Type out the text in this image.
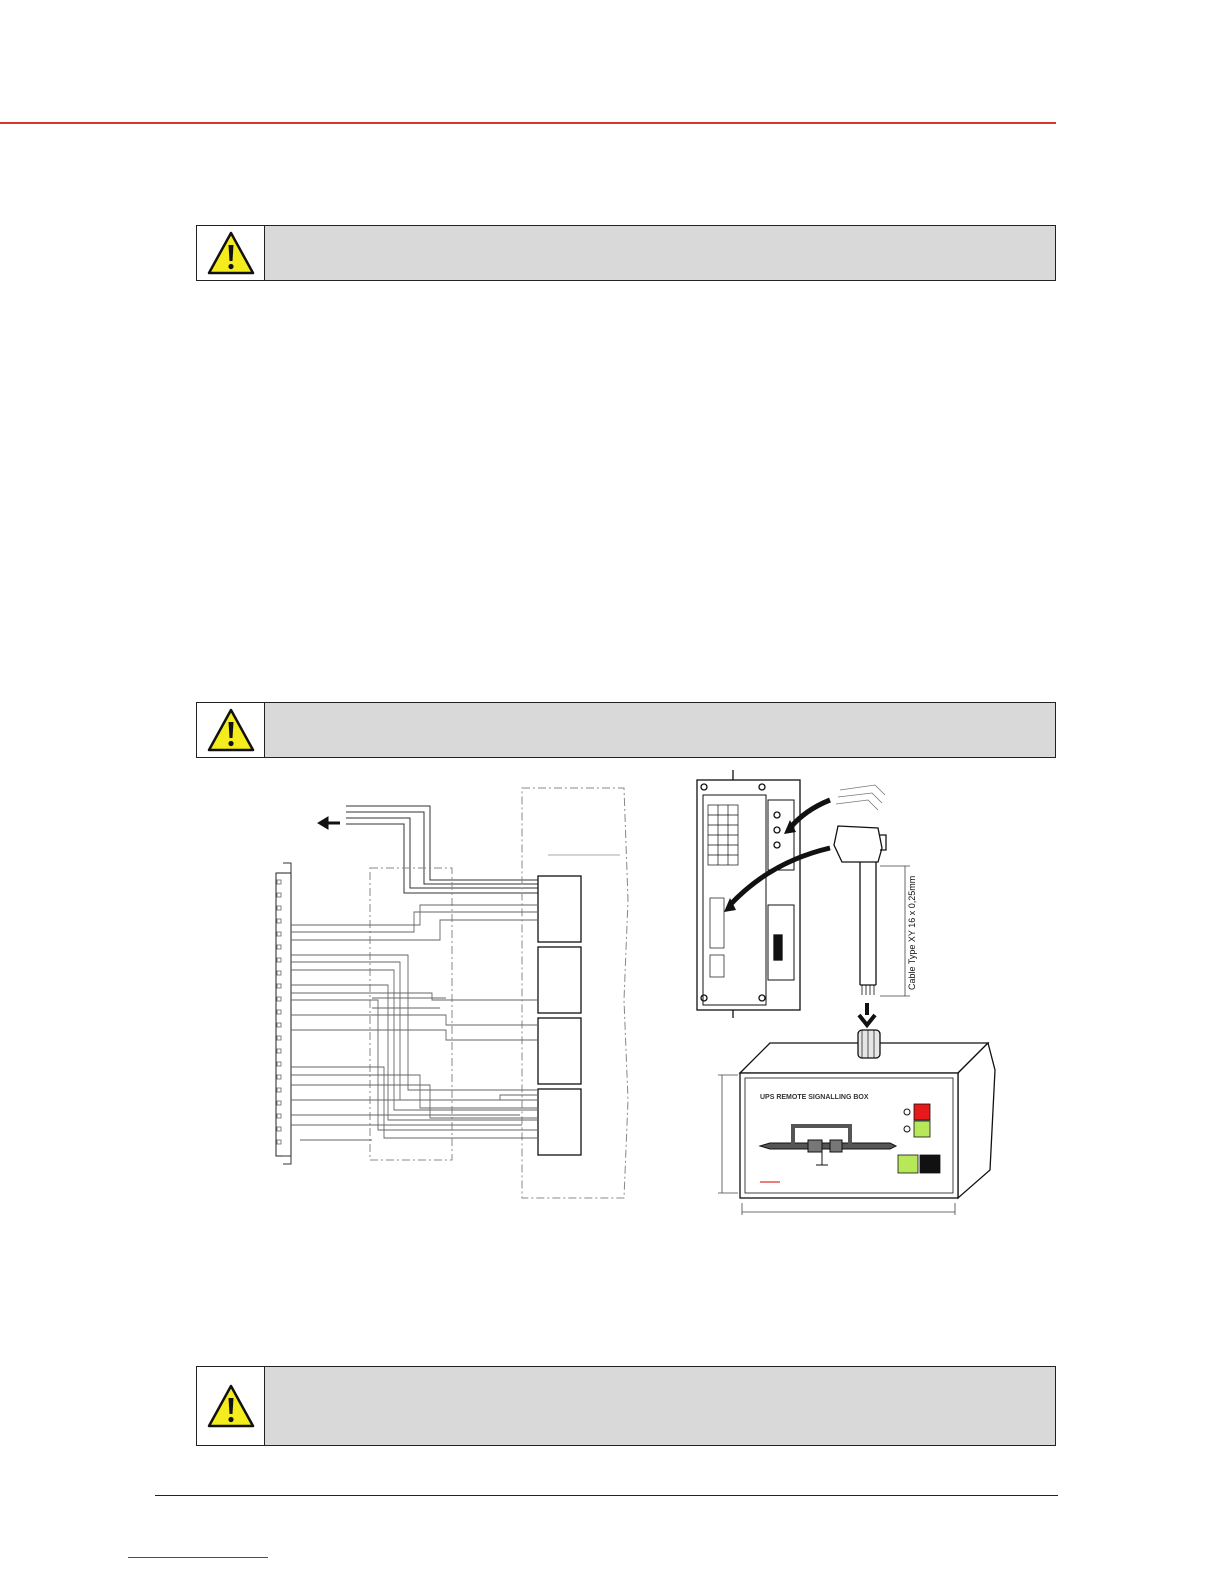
Cable Type XY 16 x 0,25mm
UPS REMOTE SIGNALLING BOX
